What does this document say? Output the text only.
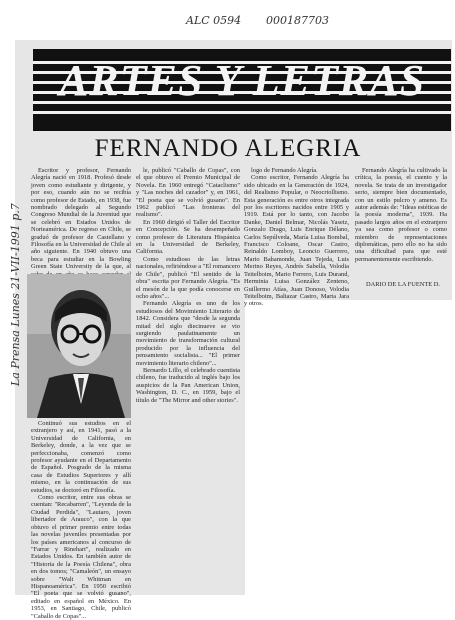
ALC 0594 000187703
ARTES Y LETRAS
FERNANDO ALEGRIA

Escritor y profesor, Fernando Alegría nació en 1918. Profesó desde joven como estudiante y dirigente, y por eso, cuando aún no se recibía como profesor de Estado, en 1938, fue nombrado delegado al Segundo Congreso Mundial de la Juventud que se celebró en Estados Unidos de Norteamérica. De regreso en Chile, se graduó de profesor de Castellano y Filosofía en la Universidad de Chile al año siguiente. En 1940 obtuvo una beca para estudiar en la Bowling Green State University de la que, al

La Prensa Lunes 21-VII-1991 p.7

Continuó sus estudios en el extranjero y así, en 1941, pasó a la Universidad de California, en Berkeley, donde, a la vez que se perfeccionaba, comenzó como profesor ayudante en el Departamento de Español. Posgrado de la misma casa de Estudios Superiores y allí mismo, en la continuación de sus estudios, se doctoró en Filosofía.

Como escritor, entre sus obras se cuentan: "Recabarren", "Leyenda de la Ciudad Perdida", "Lautaro, joven libertador de Arauco", con la que obtuvo el primer premio entre todas las novelas juveniles presentadas por los países americanos al concurso de "Farrar y Rinehart", realizado en Estados Unidos. En también autor de "Historia de la Poesía Chilena", obra en dos tomos; "Camaleón", un ensayo sobre "Walt Whitman en Hispanoamérica". En 1950 escribió "El poeta que se volvió gusano", editado en español en México. En 1953, en Santiago, Chile, publicó "Caballo de Copas"...

le, publicó "Caballo de Copas", con el que obtuvo el Premio Municipal de Novela. En 1960 entregó "Cataclismo" y "Las noches del cazador" y, en 1961, "El poeta que se volvió gusano". En 1962 publicó "Las fronteras del realismo".

En 1960 dirigió el Taller del Escritor en Concepción. Se ha desempeñado como profesor de Literatura Hispánica en la Universidad de Berkeley, California.

Como estudioso de las letras nacionales, refiriéndose a "El romancero de Chile", publicó "El sentido de la obra" escrita por Fernando Alegría. "Es el mesón de la que podía conocerse en ocho años"...

Fernando Alegría es uno de los estudiosos del Movimiento Literario de 1842. Considera que "desde la segunda mitad del siglo diecinueve se vio surgiendo paulatinamente un movimiento de transformación cultural producido por la influencia del pensamiento socialista... "El primer movimiento literario chileno"...

Bernardo Lillo, el celebrado cuentista chileno, fue traducido al inglés bajo los auspicios de la Pan American Union, Washington, D. C., en 1959, bajo el título de "The Mirror and other stories".

logo de Fernando Alegría.

Como escritor, Fernando Alegría ha sido ubicado en la Generación de 1924, del Realismo Popular, o Neocriollismo. Esta generación es entre otros integrada por los escritores nacidos entre 1905 y 1919. Está por lo tanto, con Jacobo Danke, Daniel Belmar, Nicolás Yaseiz, Gonzalo Drago, Luis Enrique Délano, Carlos Sepúlveda, María Luisa Bombal, Francisco Coloane, Oscar Castro, Reinaldo Lomboy, Leoncio Guerrero, Mario Bahamonde, Juan Tejeda, Luis Merino Reyes, Andrés Sabella, Volodia Teitelboim, Mario Ferrero, Luis Durand, Herminia Luisa González Zenteno, Guillermo Atías, Juan Donoso, Volodia Teitelboim, Baltazar Castro, Marta Jara y otros.

Fernando Alegría ha cultivado la crítica, la poesía, el cuento y la novela. Se trata de un investigador serio, siempre bien documentado, con un estilo pulcro y ameno. Es autor además de: "Ideas estéticas de la poesía moderna", 1939. Ha pasado largos años en el extranjero ya sea como profesor o como miembro de representaciones diplomáticas, pero ello no ha sido una dificultad para que esté permanentemente escribiendo.

DARIO DE LA FUENTE D.
